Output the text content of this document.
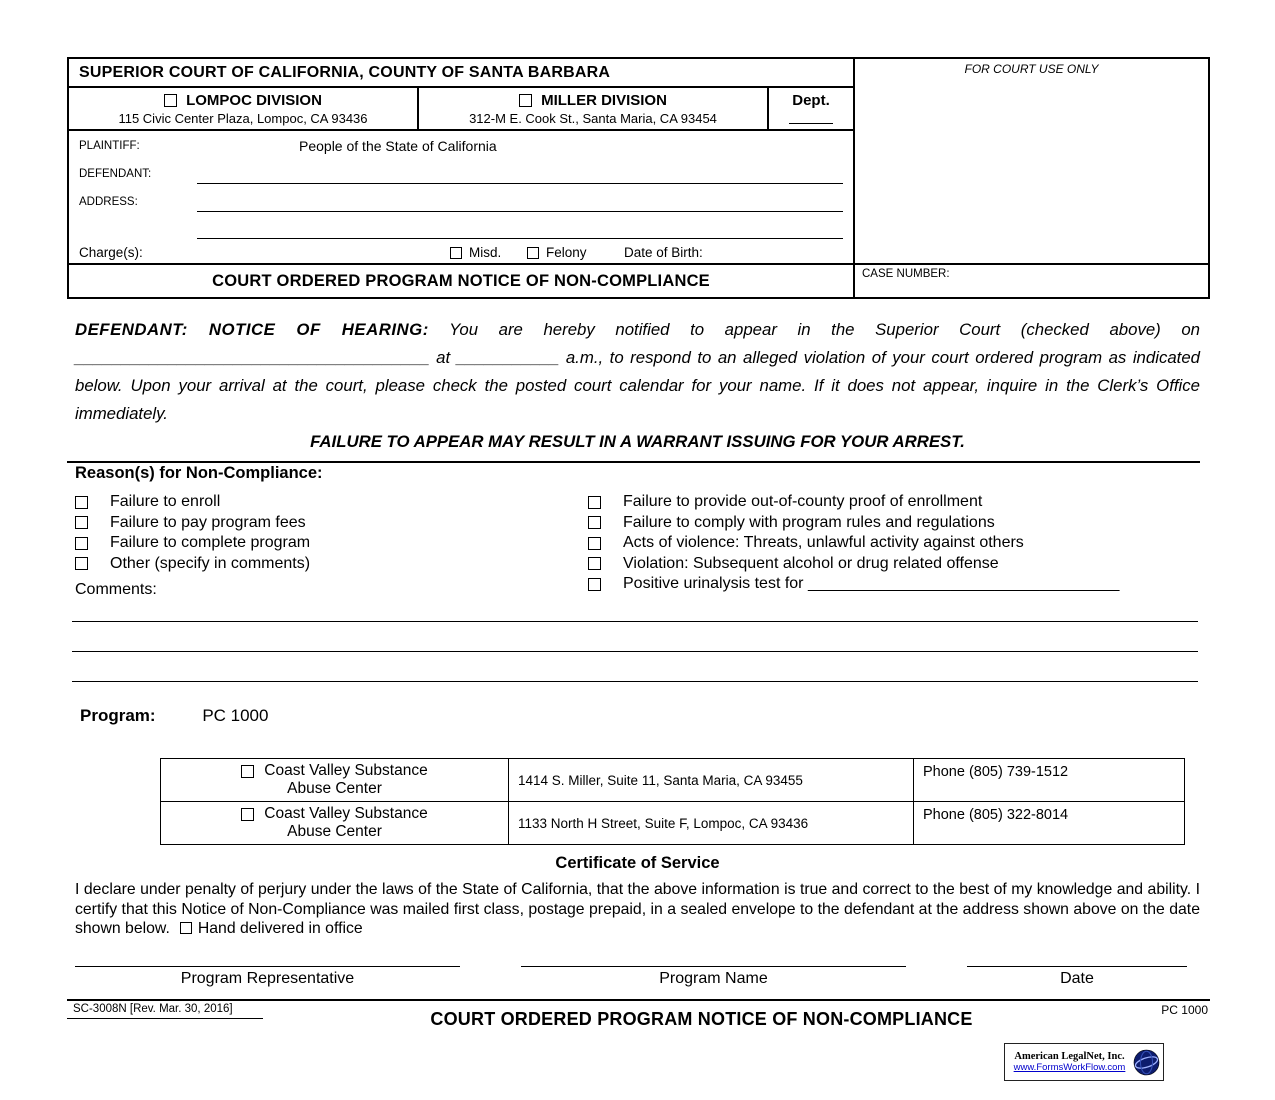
SUPERIOR COURT OF CALIFORNIA, COUNTY OF SANTA BARBARA
LOMPOC DIVISION
115 Civic Center Plaza, Lompoc, CA 93436
MILLER DIVISION
312-M E. Cook St., Santa Maria, CA 93454
Dept.
PLAINTIFF:	People of the State of California
DEFENDANT:
ADDRESS:
Charge(s):	Misd.	Felony	Date of Birth:
COURT ORDERED PROGRAM NOTICE OF NON-COMPLIANCE
FOR COURT USE ONLY
CASE NUMBER:

DEFENDANT: NOTICE OF HEARING: You are hereby notified to appear in the Superior Court (checked above) on ______________________________________ at ___________ a.m., to respond to an alleged violation of your court ordered program as indicated below. Upon your arrival at the court, please check the posted court calendar for your name. If it does not appear, inquire in the Clerk’s Office immediately.

FAILURE TO APPEAR MAY RESULT IN A WARRANT ISSUING FOR YOUR ARREST.
Reason(s) for Non-Compliance:
Failure to enroll
Failure to pay program fees
Failure to complete program
Other (specify in comments)
Comments:
Failure to provide out-of-county proof of enrollment
Failure to comply with program rules and regulations
Acts of violence: Threats, unlawful activity against others
Violation: Subsequent alcohol or drug related offense
Positive urinalysis test for ___________________________________
Program:	PC 1000
Coast Valley Substance
Abuse Center	1414 S. Miller, Suite 11, Santa Maria, CA 93455	Phone (805) 739-1512

Coast Valley Substance
Abuse Center	1133 North H Street, Suite F, Lompoc, CA 93436	Phone (805) 322-8014
Certificate of Service
I declare under penalty of perjury under the laws of the State of California, that the above information is true and correct to the best of my knowledge and ability. I certify that this Notice of Non-Compliance was mailed first class, postage prepaid, in a sealed envelope to the defendant at the address shown above on the date shown below. Hand delivered in office
Program Representative	Program Name	Date
SC-3008N [Rev. Mar. 30, 2016]	COURT ORDERED PROGRAM NOTICE OF NON-COMPLIANCE	PC 1000
American LegalNet, Inc.
www.FormsWorkFlow.com
